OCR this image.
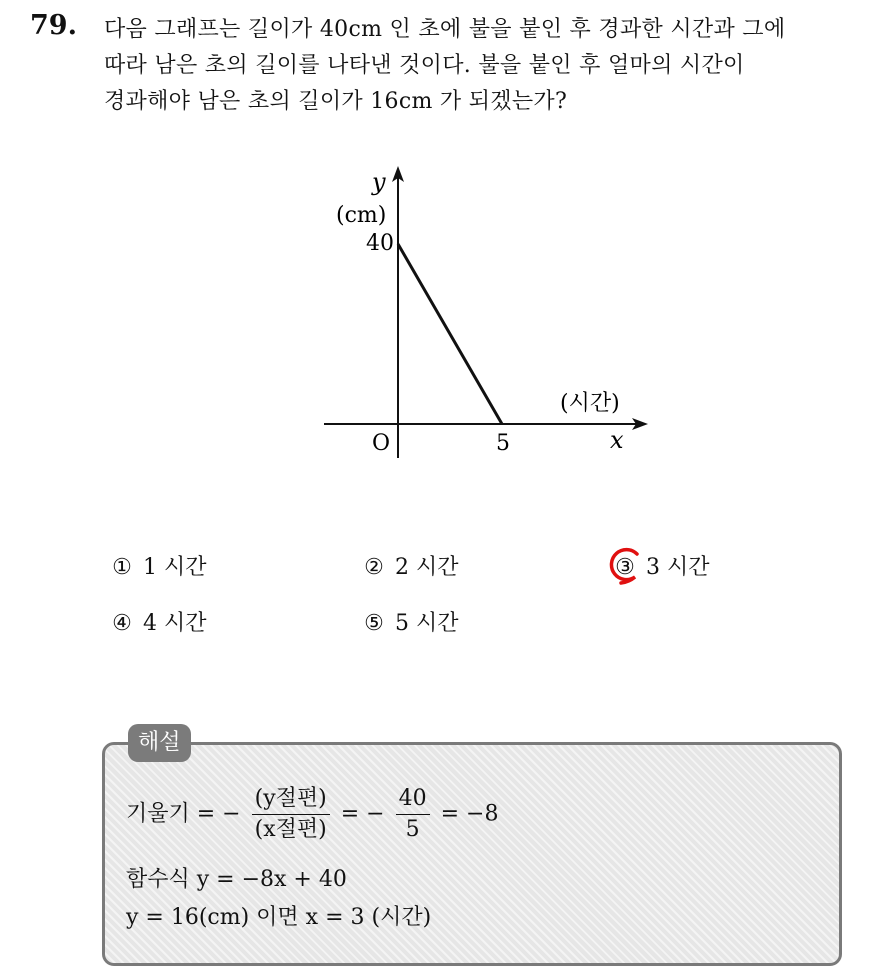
79. 다음 그래프는 길이가 40cm 인 초에 불을 붙인 후 경과한 시간과 그에
따라 남은 초의 길이를 나타낸 것이다. 불을 붙인 후 얼마의 시간이
경과해야 남은 초의 길이가 16cm 가 되겠는가?
y
(cm)
40
O	5
(시간)
x
① 1 시간	② 2 시간	③ 3 시간
④ 4 시간	⑤ 5 시간
해설
기울기 = − $\frac{\text{(y절편)}}{\text{(x절편)}}$ = − $\frac{40}{5} = -8$
함수식 y = −8x + 40
y = 16(cm) 이면 x = 3 (시간)
